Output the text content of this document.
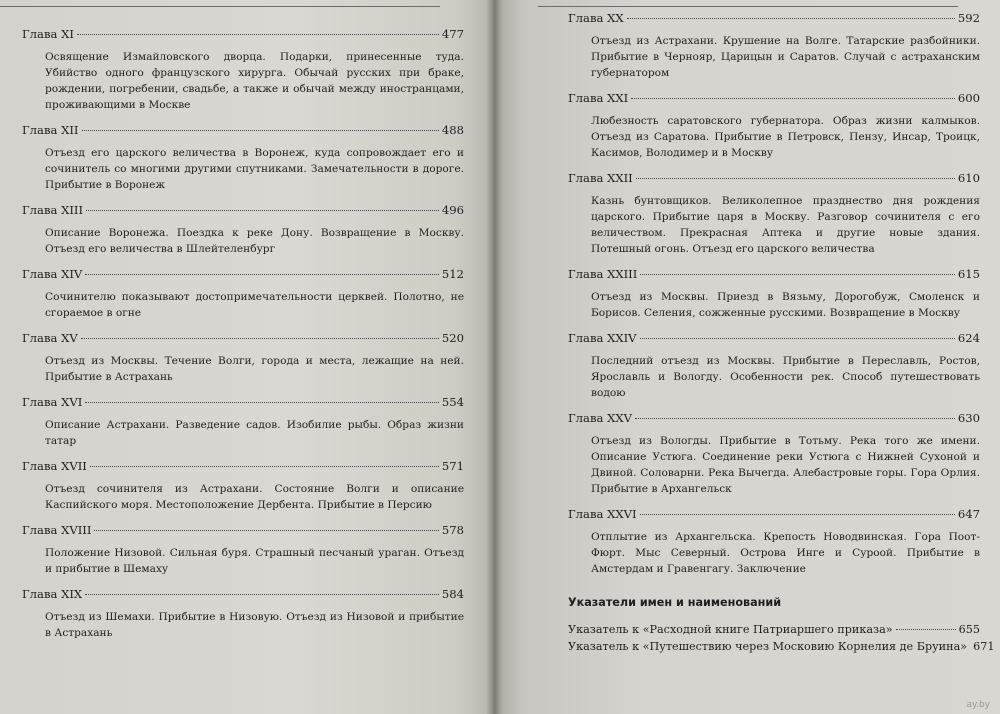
Глава XI	477
Освящение Измайловского дворца. Подарки, принесенные туда. Убийство одного французского хирурга. Обычай русских при браке, рождении, погребении, свадьбе, а также и обычай между иностранцами, проживающими в Москве
Глава XII	488
Отъезд его царского величества в Воронеж, куда сопровождает его и сочинитель со многими другими спутниками. Замечательности в дороге. Прибытие в Воронеж
Глава XIII	496
Описание Воронежа. Поездка к реке Дону. Возвращение в Москву. Отъезд его величества в Шлейтеленбург
Глава XIV	512
Сочинителю показывают достопримечательности церквей. Полотно, не сгораемое в огне
Глава XV	520
Отъезд из Москвы. Течение Волги, города и места, лежащие на ней. Прибытие в Астрахань
Глава XVI	554
Описание Астрахани. Разведение садов. Изобилие рыбы. Образ жизни татар
Глава XVII	571
Отъезд сочинителя из Астрахани. Состояние Волги и описание Каспийского моря. Местоположение Дербента. Прибытие в Персию
Глава XVIII	578
Положение Низовой. Сильная буря. Страшный песчаный ураган. Отъезд и прибытие в Шемаху
Глава XIX	584
Отъезд из Шемахи. Прибытие в Низовую. Отъезд из Низовой и прибытие в Астрахань
Глава XX	592
Отъезд из Астрахани. Крушение на Волге. Татарские разбойники. Прибытие в Чернояр, Царицын и Саратов. Случай с астраханским губернатором
Глава XXI	600
Любезность саратовского губернатора. Образ жизни калмыков. Отъезд из Саратова. Прибытие в Петровск, Пензу, Инсар, Троицк, Касимов, Володимер и в Москву
Глава XXII	610
Казнь бунтовщиков. Великолепное празднество дня рождения царского. Прибытие царя в Москву. Разговор сочинителя с его величеством. Прекрасная Аптека и другие новые здания. Потешный огонь. Отъезд его царского величества
Глава XXIII	615
Отъезд из Москвы. Приезд в Вязьму, Дорогобуж, Смоленск и Борисов. Селения, сожженные русскими. Возвращение в Москву
Глава XXIV	624
Последний отъезд из Москвы. Прибытие в Переславль, Ростов, Ярославль и Вологду. Особенности рек. Способ путешествовать водою
Глава XXV	630
Отъезд из Вологды. Прибытие в Тотьму. Река того же имени. Описание Устюга. Соединение реки Устюга с Нижней Сухоной и Двиной. Соловарни. Река Вычегда. Алебастровые горы. Гора Орлия. Прибытие в Архангельск
Глава XXVI	647
Отплытие из Архангельска. Крепость Новодвинская. Гора Поот-Фюрт. Мыс Северный. Острова Инге и Суроой. Прибытие в Амстердам и Гравенгагу. Заключение
Указатели имен и наименований
Указатель к «Расходной книге Патриаршего приказа»	655
Указатель к «Путешествию через Московию Корнелия де Бруина» 671
ay.by
